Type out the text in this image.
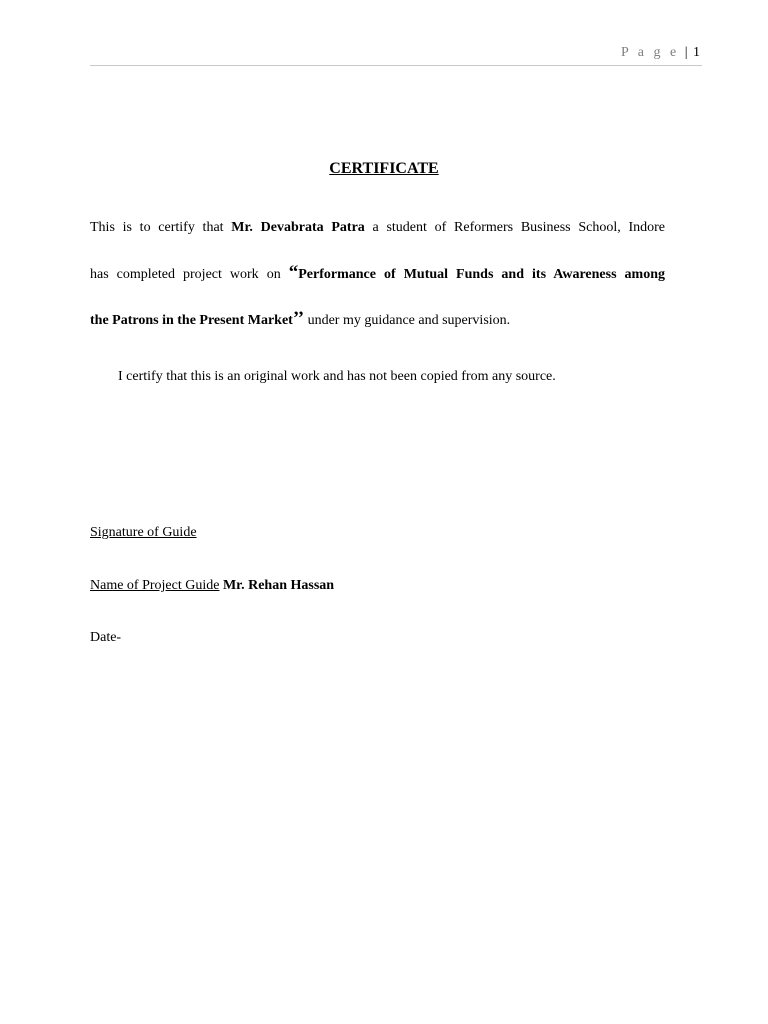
P a g e | 1
CERTIFICATE
This is to certify that Mr. Devabrata Patra a student of Reformers Business School, Indore
has completed project work on “Performance of Mutual Funds and its Awareness among
the Patrons in the Present Market’’ under my guidance and supervision.
I certify that this is an original work and has not been copied from any source.
Signature of Guide
Name of Project Guide Mr. Rehan Hassan
Date-
